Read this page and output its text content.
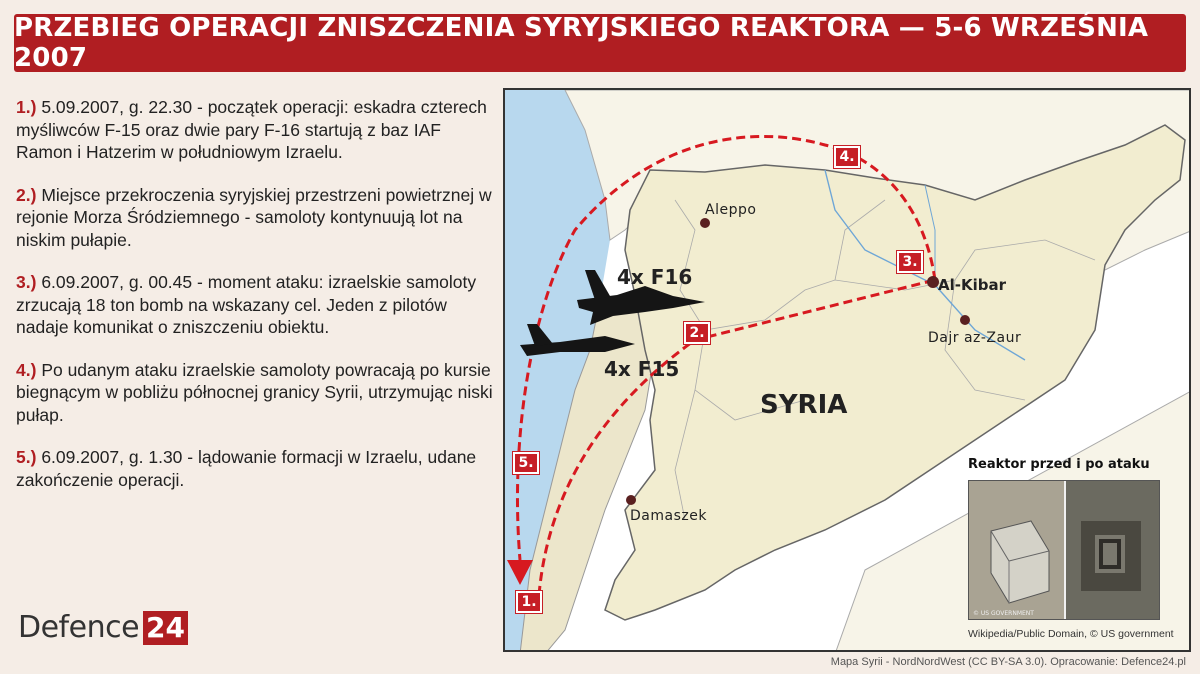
PRZEBIEG OPERACJI ZNISZCZENIA SYRYJSKIEGO REAKTORA — 5-6 WRZEŚNIA 2007

1.) 5.09.2007, g. 22.30 - początek operacji: eskadra czterech myśliwców F-15 oraz dwie pary F-16 startują z baz IAF Ramon i Hatzerim w południowym Izraelu.

2.) Miejsce przekroczenia syryjskiej przestrzeni powietrznej w rejonie Morza Śródziemnego - samoloty kontynuują lot na niskim pułapie.

3.) 6.09.2007, g. 00.45 - moment ataku: izraelskie samoloty zrzucają 18 ton bomb na wskazany cel. Jeden z pilotów nadaje komunikat o zniszczeniu obiektu.

4.) Po udanym ataku izraelskie samoloty powracają po kursie biegnącym w pobliżu północnej granicy Syrii, utrzymując niski pułap.

5.) 6.09.2007, g. 1.30 - lądowanie formacji w Izraelu, udane zakończenie operacji.

Aleppo
Al-Kibar
Dajr az-Zaur
Damaszek
SYRIA
4x F16
4x F15
1.
2.
3.
4.
5.	Reaktor przed i po ataku
© US GOVERNMENT
Wikipedia/Public Domain, © US government
Defence 24
Mapa Syrii - NordNordWest (CC BY-SA 3.0). Opracowanie: Defence24.pl
